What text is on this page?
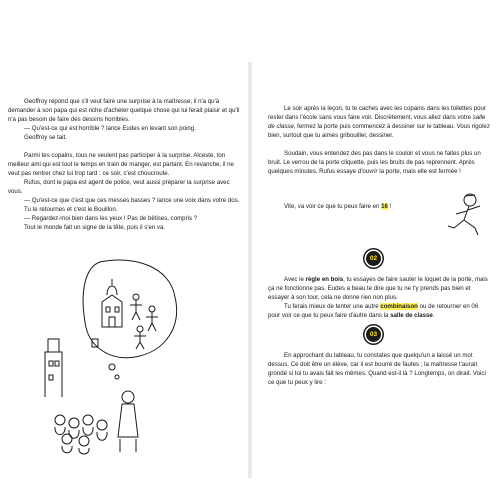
Geoffroy répond que s'il veut faire une surprise à la maîtresse, il n'a qu'à demander à son papa qui est riche d'acheter quelque chose qui lui ferait plaisir et qu'il n'a pas besoin de faire des dessins horribles.

— Qu'est-ce qui est horrible ? lance Eudes en levant son poing.

Geoffroy se tait.

Parmi tes copains, tous ne veulent pas participer à la surprise. Alceste, ton meilleur ami qui est tout le temps en train de manger, est partant. En revanche, il ne veut pas rentrer chez lui trop tard : ce soir, c'est choucroute.

Rufus, dont le papa est agent de police, veut aussi préparer la surprise avec vous.

— Qu'est-ce que c'est que ces messes basses ? lance une voix dans votre dos.

Tu te retournes et c'est le Bouillon.

— Regardez-moi bien dans les yeux ! Pas de bêtises, compris ?

Tout le monde fait un signe de la tête, puis il s'en va.

Le soir après la leçon, tu te caches avec les copains dans les toilettes pour rester dans l'école sans vous faire voir. Discrètement, vous allez dans votre salle de classe, fermez la porte puis commencez à dessiner sur le tableau. Vous rigolez bien, surtout que tu aimes gribouiller, dessiner.

Soudain, vous entendez des pas dans le couloir et vous ne faites plus un bruit. Le verrou de la porte cliquette, puis les bruits de pas reprennent. Après quelques minutes, Rufus essaye d'ouvrir la porte, mais elle est fermée !

Vite, va voir ce que tu peux faire en 16 !

02

Avec le règle en bois, tu essayes de faire sauter le loquet de la porte, mais ça ne fonctionne pas. Eudes a beau te dire que tu ne t'y prends pas bien et essayer à son tour, cela ne donne rien non plus.

Tu ferais mieux de tenter une autre combinaison ou de retourner en 06 pour voir ce que tu peux faire d'autre dans la salle de classe.

03

En approchant du tableau, tu constates que quelqu'un a laissé un mot dessus. Ce doit être un élève, car il est bourré de fautes ; la maîtresse t'aurait grondé si toi tu avais fait les mêmes. Quand est-il là ? Longtemps, on dirait. Voici ce que tu peux y lire :
